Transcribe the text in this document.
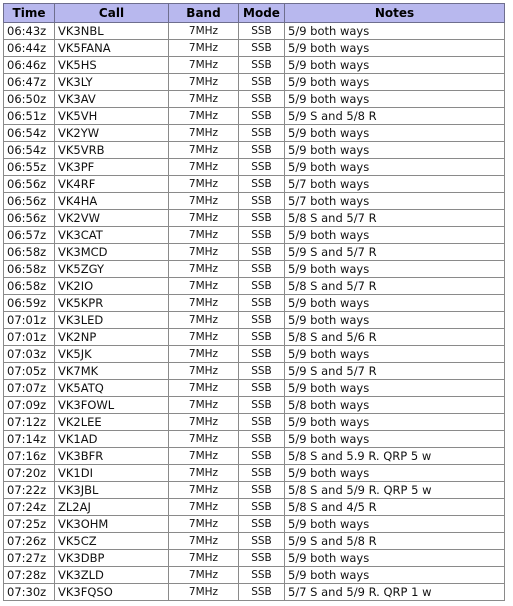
Time	Call	Band	Mode	Notes
06:43z	VK3NBL	7MHz	SSB	5/9 both ways
06:44z	VK5FANA	7MHz	SSB	5/9 both ways
06:46z	VK5HS	7MHz	SSB	5/9 both ways
06:47z	VK3LY	7MHz	SSB	5/9 both ways
06:50z	VK3AV	7MHz	SSB	5/9 both ways
06:51z	VK5VH	7MHz	SSB	5/9 S and 5/8 R
06:54z	VK2YW	7MHz	SSB	5/9 both ways
06:54z	VK5VRB	7MHz	SSB	5/9 both ways
06:55z	VK3PF	7MHz	SSB	5/9 both ways
06:56z	VK4RF	7MHz	SSB	5/7 both ways
06:56z	VK4HA	7MHz	SSB	5/7 both ways
06:56z	VK2VW	7MHz	SSB	5/8 S and 5/7 R
06:57z	VK3CAT	7MHz	SSB	5/9 both ways
06:58z	VK3MCD	7MHz	SSB	5/9 S and 5/7 R
06:58z	VK5ZGY	7MHz	SSB	5/9 both ways
06:58z	VK2IO	7MHz	SSB	5/8 S and 5/7 R
06:59z	VK5KPR	7MHz	SSB	5/9 both ways
07:01z	VK3LED	7MHz	SSB	5/9 both ways
07:01z	VK2NP	7MHz	SSB	5/8 S and 5/6 R
07:03z	VK5JK	7MHz	SSB	5/9 both ways
07:05z	VK7MK	7MHz	SSB	5/9 S and 5/7 R
07:07z	VK5ATQ	7MHz	SSB	5/9 both ways
07:09z	VK3FOWL	7MHz	SSB	5/8 both ways
07:12z	VK2LEE	7MHz	SSB	5/9 both ways
07:14z	VK1AD	7MHz	SSB	5/9 both ways
07:16z	VK3BFR	7MHz	SSB	5/8 S and 5.9 R. QRP 5 w
07:20z	VK1DI	7MHz	SSB	5/9 both ways
07:22z	VK3JBL	7MHz	SSB	5/8 S and 5/9 R. QRP 5 w
07:24z	ZL2AJ	7MHz	SSB	5/8 S and 4/5 R
07:25z	VK3OHM	7MHz	SSB	5/9 both ways
07:26z	VK5CZ	7MHz	SSB	5/9 S and 5/8 R
07:27z	VK3DBP	7MHz	SSB	5/9 both ways
07:28z	VK3ZLD	7MHz	SSB	5/9 both ways
07:30z	VK3FQSO	7MHz	SSB	5/7 S and 5/9 R. QRP 1 w
